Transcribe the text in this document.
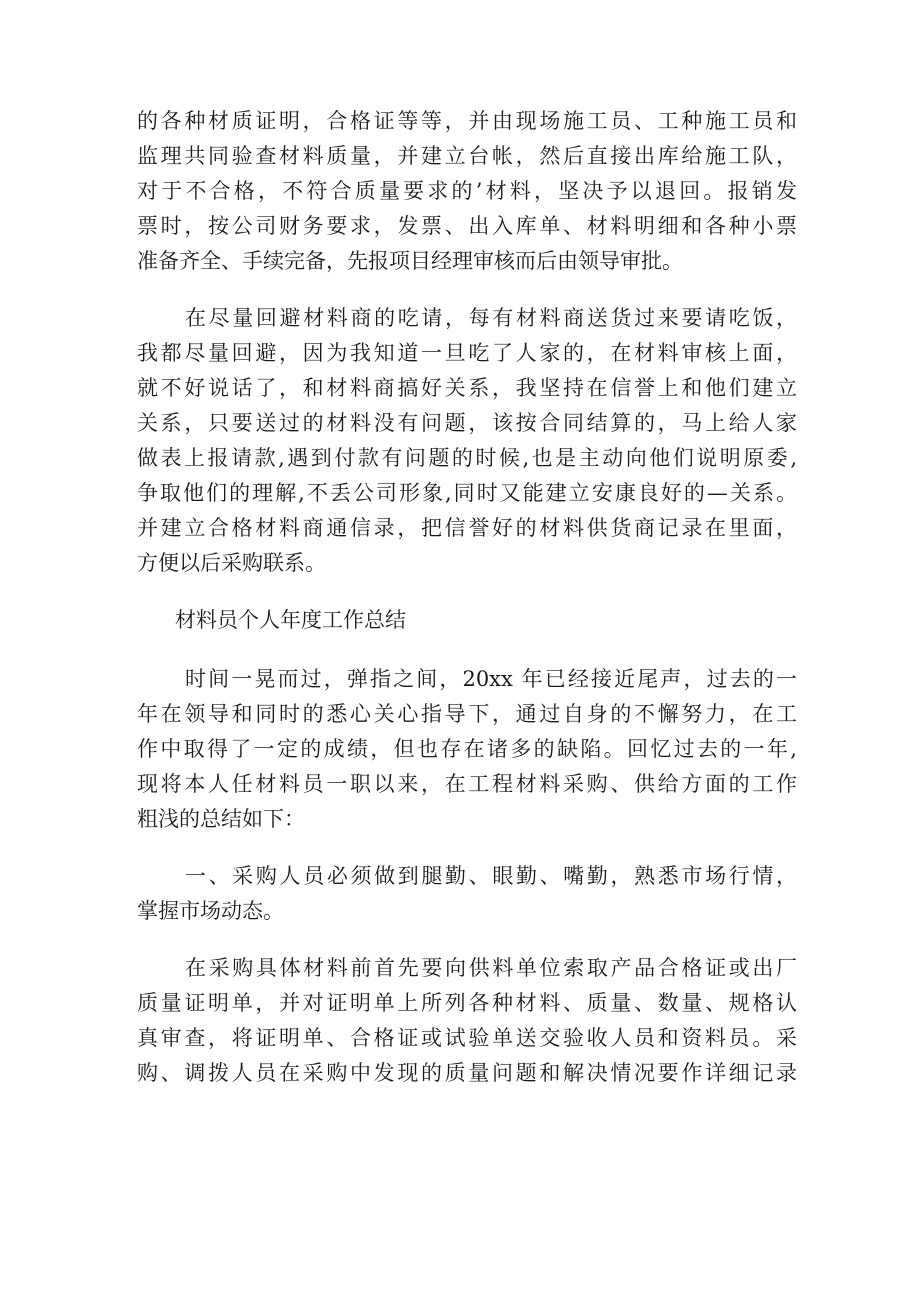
的各种材质证明，合格证等等，并由现场施工员、工种施工员和
监理共同验查材料质量，并建立台帐，然后直接出库给施工队，
对于不合格，不符合质量要求的’材料，坚决予以退回。报销发
票时，按公司财务要求，发票、出入库单、材料明细和各种小票
准备齐全、手续完备，先报项目经理审核而后由领导审批。
在尽量回避材料商的吃请，每有材料商送货过来要请吃饭，
我都尽量回避，因为我知道一旦吃了人家的，在材料审核上面，
就不好说话了，和材料商搞好关系，我坚持在信誉上和他们建立
关系，只要送过的材料没有问题，该按合同结算的，马上给人家
做表上报请款,遇到付款有问题的时候,也是主动向他们说明原委,
争取他们的理解,不丢公司形象,同时又能建立安康良好的—关系。
并建立合格材料商通信录，把信誉好的材料供货商记录在里面，
方便以后采购联系。
材料员个人年度工作总结
时间一晃而过，弹指之间，20xx 年已经接近尾声，过去的一
年在领导和同时的悉心关心指导下，通过自身的不懈努力，在工
作中取得了一定的成绩，但也存在诸多的缺陷。回忆过去的一年,
现将本人任材料员一职以来，在工程材料采购、供给方面的工作
粗浅的总结如下：
一、采购人员必须做到腿勤、眼勤、嘴勤，熟悉市场行情，
掌握市场动态。
在采购具体材料前首先要向供料单位索取产品合格证或出厂
质量证明单，并对证明单上所列各种材料、质量、数量、规格认
真审查，将证明单、合格证或试验单送交验收人员和资料员。采
购、调拨人员在采购中发现的质量问题和解决情况要作详细记录
